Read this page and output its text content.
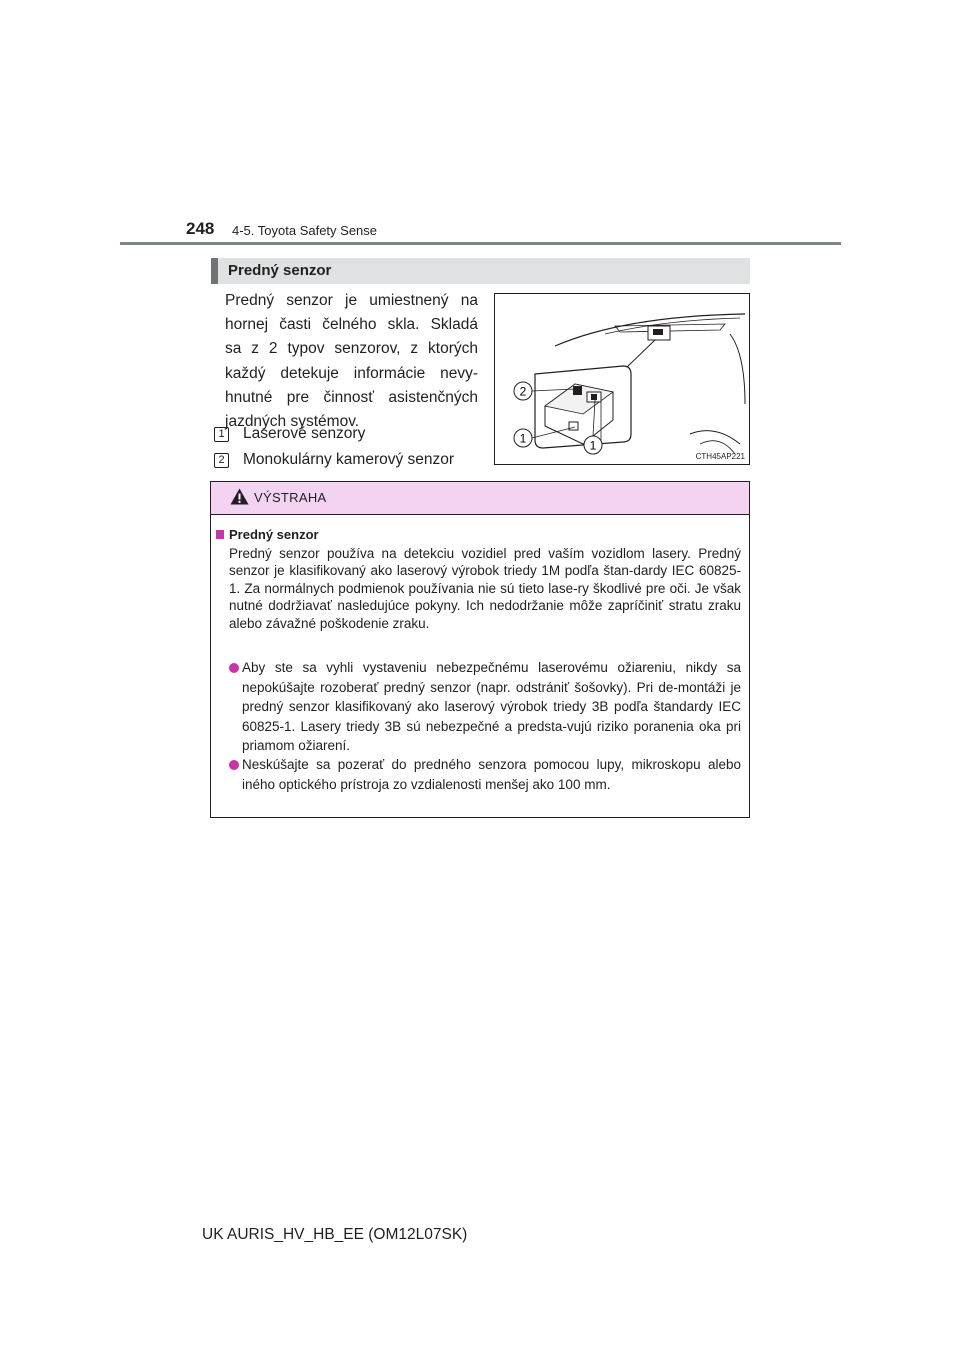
248 4-5. Toyota Safety Sense
Predný senzor
Predný senzor je umiestnený na
hornej časti čelného skla. Skladá
sa z 2 typov senzorov, z ktorých
každý detekuje informácie nevy-
hnutné pre činnosť asistenčných
jazdných systémov.
1 Laserové senzory
2 Monokulárny kamerový senzor
2
1	1
CTH45AP221
VÝSTRAHA
Predný senzor
Predný senzor používa na detekciu vozidiel pred vaším vozidlom lasery. Predný senzor je klasifikovaný ako laserový výrobok triedy 1M podľa štan-dardy IEC 60825-1. Za normálnych podmienok používania nie sú tieto lase-ry škodlivé pre oči. Je však nutné dodržiavať nasledujúce pokyny. Ich nedodržanie môže zapríčiniť stratu zraku alebo závažné poškodenie zraku.
Aby ste sa vyhli vystaveniu nebezpečnému laserovému ožiareniu, nikdy sa nepokúšajte rozoberať predný senzor (napr. odstrániť šošovky). Pri de-montáži je predný senzor klasifikovaný ako laserový výrobok triedy 3B podľa štandardy IEC 60825-1. Lasery triedy 3B sú nebezpečné a predsta-vujú riziko poranenia oka pri priamom ožiarení.
Neskúšajte sa pozerať do predného senzora pomocou lupy, mikroskopu alebo iného optického prístroja zo vzdialenosti menšej ako 100 mm.
UK AURIS_HV_HB_EE (OM12L07SK)
